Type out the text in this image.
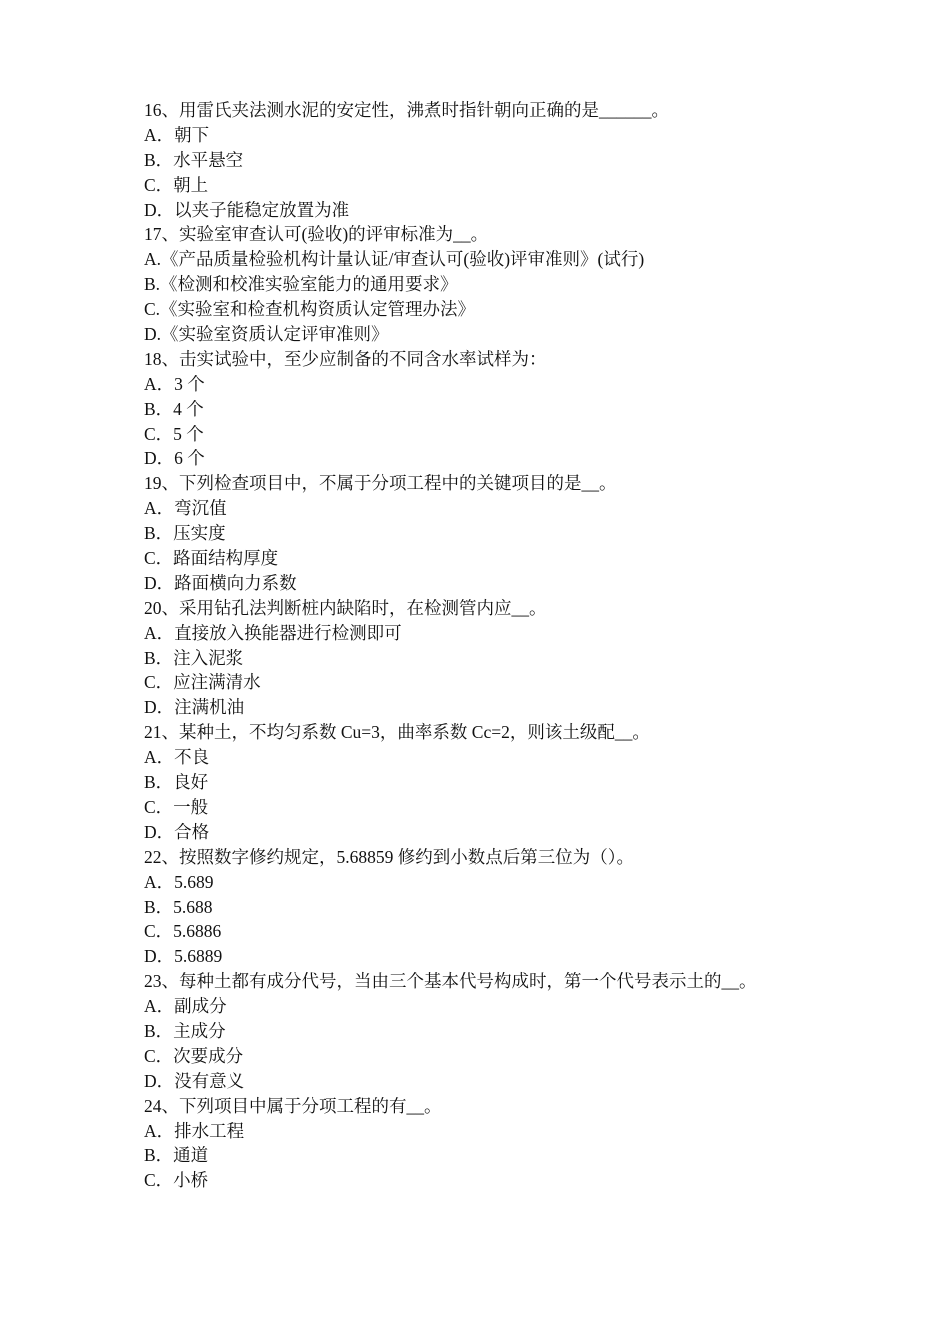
16、用雷氏夹法测水泥的安定性，沸煮时指针朝向正确的是______。
A．朝下
B．水平悬空
C．朝上
D．以夹子能稳定放置为准
17、实验室审查认可(验收)的评审标准为__。
A.《产品质量检验机构计量认证/审查认可(验收)评审准则》(试行)
B.《检测和校准实验室能力的通用要求》
C.《实验室和检查机构资质认定管理办法》
D.《实验室资质认定评审准则》
18、击实试验中，至少应制备的不同含水率试样为：
A．3 个
B．4 个
C．5 个
D．6 个
19、下列检查项目中，不属于分项工程中的关键项目的是__。
A．弯沉值
B．压实度
C．路面结构厚度
D．路面横向力系数
20、采用钻孔法判断桩内缺陷时，在检测管内应__。
A．直接放入换能器进行检测即可
B．注入泥浆
C．应注满清水
D．注满机油
21、某种土，不均匀系数 Cu=3，曲率系数 Cc=2，则该土级配__。
A．不良
B．良好
C．一般
D．合格
22、按照数字修约规定，5.68859 修约到小数点后第三位为（）。
A．5.689
B．5.688
C．5.6886
D．5.6889
23、每种土都有成分代号，当由三个基本代号构成时，第一个代号表示土的__。
A．副成分
B．主成分
C．次要成分
D．没有意义
24、下列项目中属于分项工程的有__。
A．排水工程
B．通道
C．小桥
